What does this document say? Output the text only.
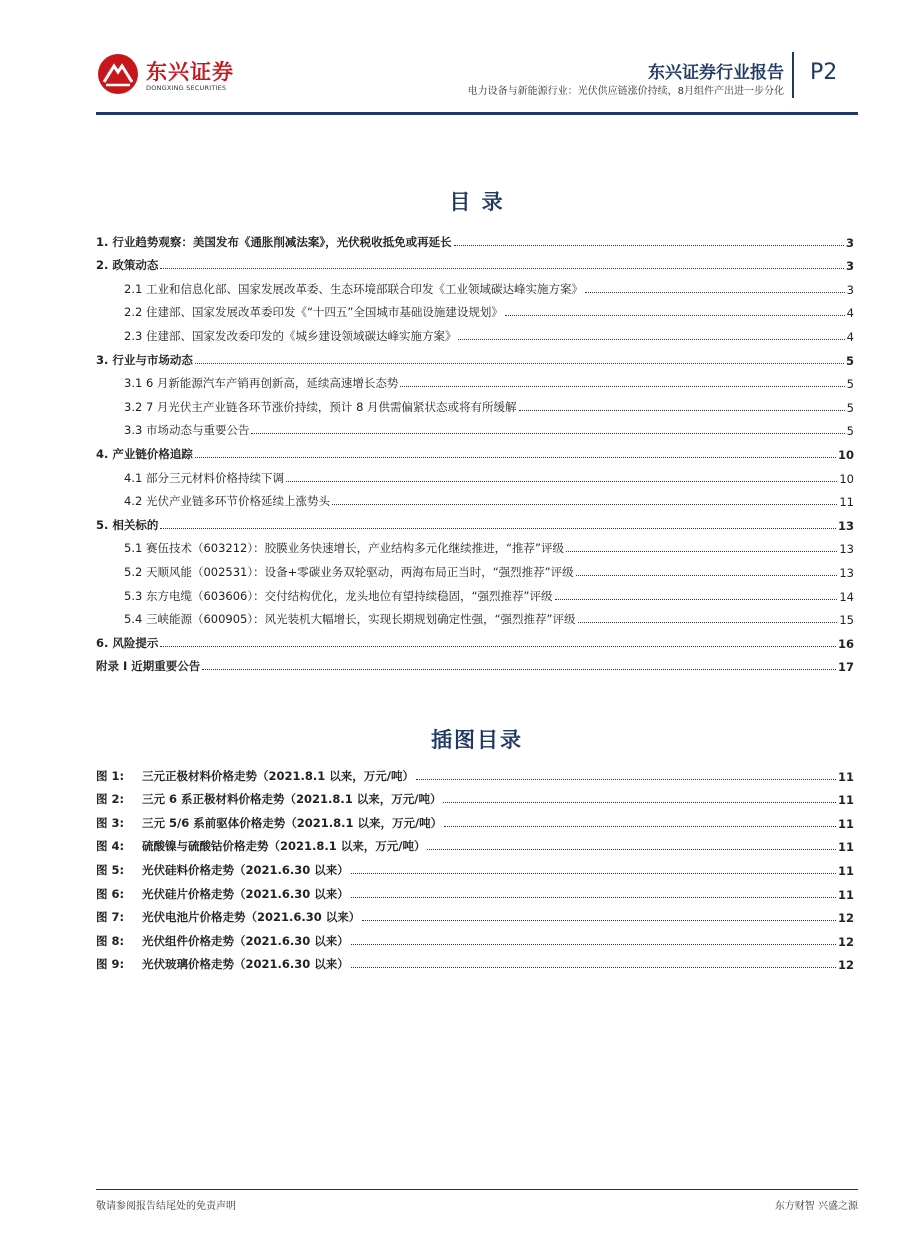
东兴证券
DONGXING SECURITIES
东兴证券行业报告
电力设备与新能源行业：光伏供应链涨价持续，8月组件产出进一步分化
P2
目 录
1. 行业趋势观察：美国发布《通胀削减法案》，光伏税收抵免或再延长	3
2. 政策动态	3
2.1 工业和信息化部、国家发展改革委、生态环境部联合印发《工业领域碳达峰实施方案》	3
2.2 住建部、国家发展改革委印发《“十四五”全国城市基础设施建设规划》	4
2.3 住建部、国家发改委印发的《城乡建设领域碳达峰实施方案》	4
3. 行业与市场动态	5
3.1 6 月新能源汽车产销再创新高，延续高速增长态势	5
3.2 7 月光伏主产业链各环节涨价持续，预计 8 月供需偏紧状态或将有所缓解	5
3.3 市场动态与重要公告	5
4. 产业链价格追踪	10
4.1 部分三元材料价格持续下调	10
4.2 光伏产业链多环节价格延续上涨势头	11
5. 相关标的	13
5.1 赛伍技术（603212）：胶膜业务快速增长，产业结构多元化继续推进，“推荐”评级	13
5.2 天顺风能（002531）：设备+零碳业务双轮驱动，两海布局正当时，“强烈推荐”评级	13
5.3 东方电缆（603606）：交付结构优化，龙头地位有望持续稳固，“强烈推荐”评级	14
5.4 三峡能源（600905）：风光装机大幅增长，实现长期规划确定性强，“强烈推荐”评级	15
6. 风险提示	16
附录 I 近期重要公告	17
插图目录
图 1:	三元正极材料价格走势（2021.8.1 以来，万元/吨）	11
图 2:	三元 6 系正极材料价格走势（2021.8.1 以来，万元/吨）	11
图 3:	三元 5/6 系前驱体价格走势（2021.8.1 以来，万元/吨）	11
图 4:	硫酸镍与硫酸钴价格走势（2021.8.1 以来，万元/吨）	11
图 5:	光伏硅料价格走势（2021.6.30 以来）	11
图 6:	光伏硅片价格走势（2021.6.30 以来）	11
图 7:	光伏电池片价格走势（2021.6.30 以来）	12
图 8:	光伏组件价格走势（2021.6.30 以来）	12
图 9:	光伏玻璃价格走势（2021.6.30 以来）	12
敬请参阅报告结尾处的免责声明	东方财智 兴盛之源
